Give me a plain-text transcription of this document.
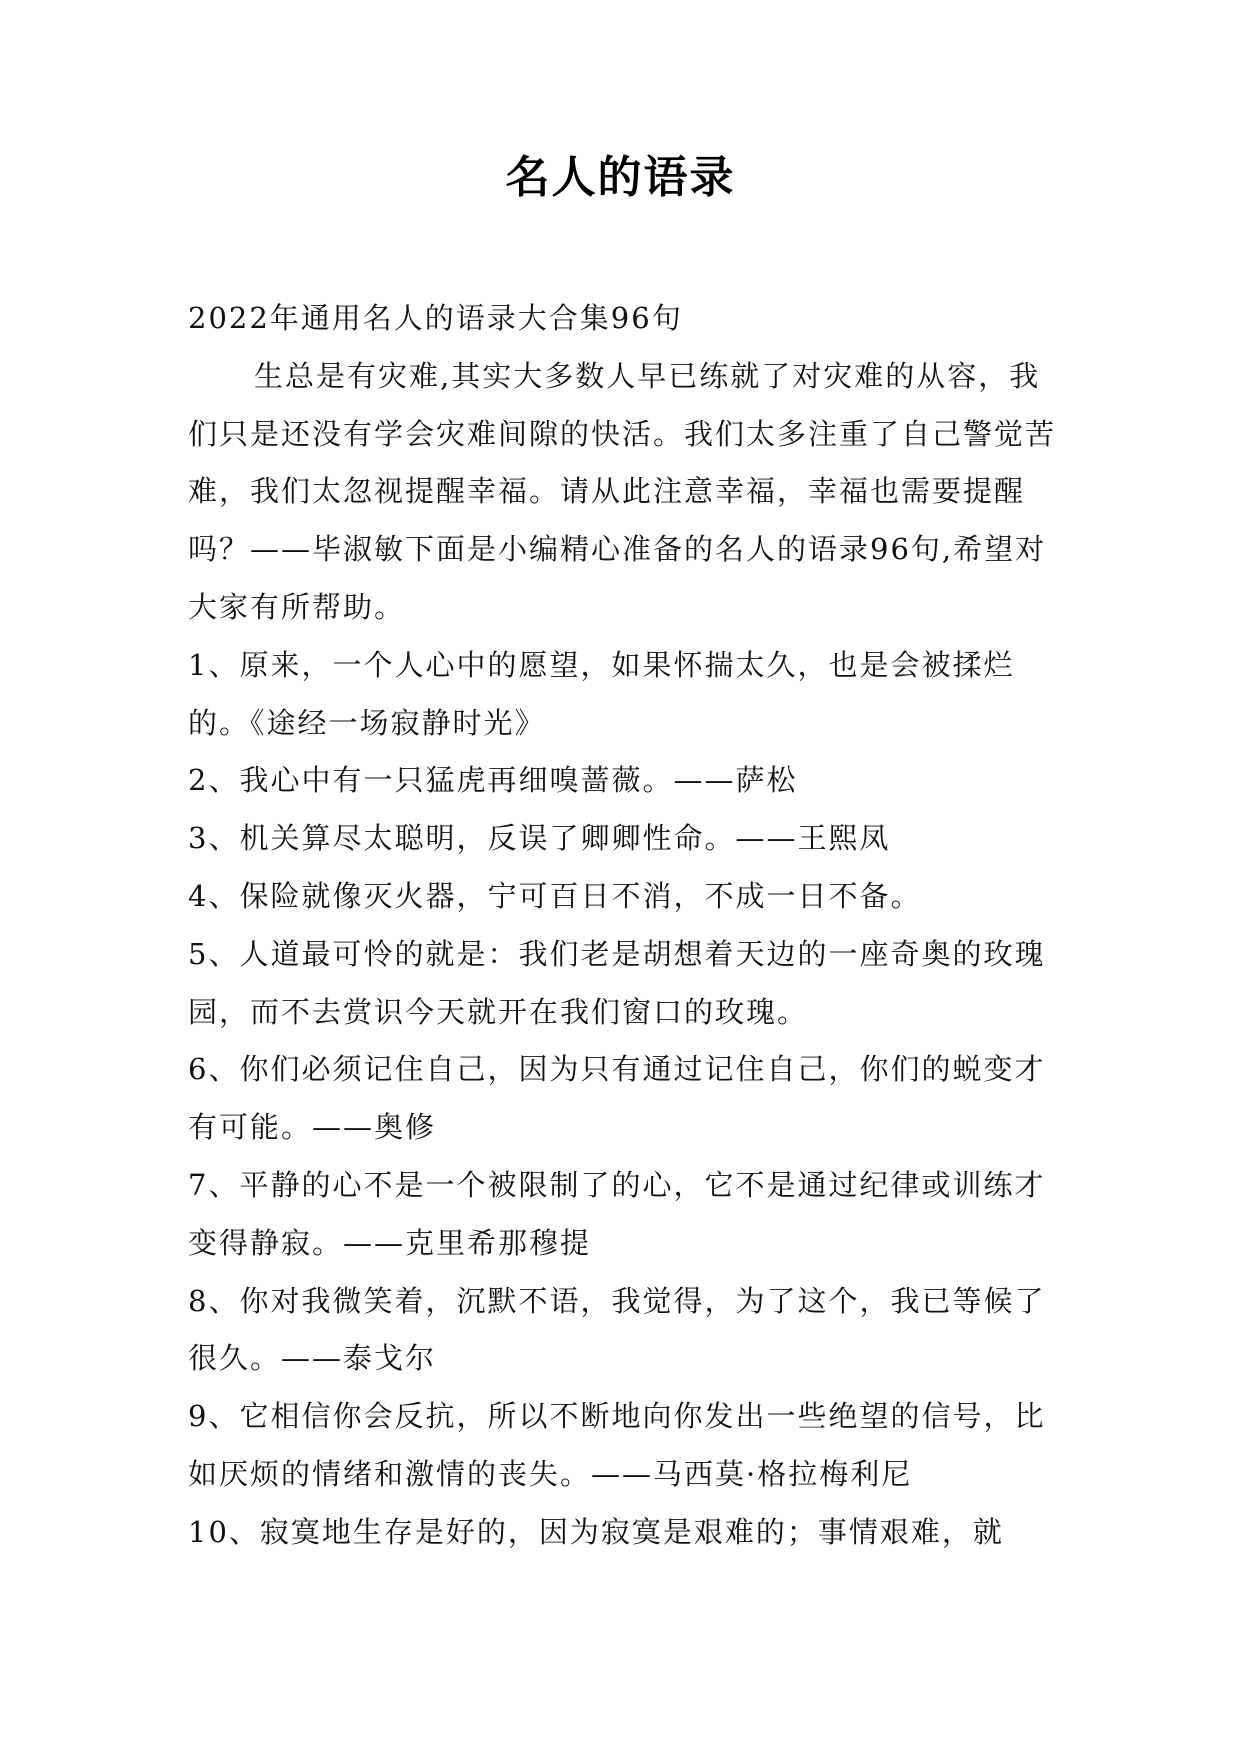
名人的语录

2022年通用名人的语录大合集96句

生总是有灾难,其实大多数人早已练就了对灾难的从容，我们只是还没有学会灾难间隙的快活。我们太多注重了自己警觉苦难，我们太忽视提醒幸福。请从此注意幸福，幸福也需要提醒吗？——毕淑敏下面是小编精心准备的名人的语录96句,希望对大家有所帮助。

1、原来，一个人心中的愿望，如果怀揣太久，也是会被揉烂的。《途经一场寂静时光》

2、我心中有一只猛虎再细嗅蔷薇。——萨松

3、机关算尽太聪明，反误了卿卿性命。——王熙凤

4、保险就像灭火器，宁可百日不消，不成一日不备。

5、人道最可怜的就是：我们老是胡想着天边的一座奇奥的玫瑰园，而不去赏识今天就开在我们窗口的玫瑰。

6、你们必须记住自己，因为只有通过记住自己，你们的蜕变才有可能。——奥修

7、平静的心不是一个被限制了的心，它不是通过纪律或训练才变得静寂。——克里希那穆提

8、你对我微笑着，沉默不语，我觉得，为了这个，我已等候了很久。——泰戈尔

9、它相信你会反抗，所以不断地向你发出一些绝望的信号，比如厌烦的情绪和激情的丧失。——马西莫·格拉梅利尼

10、寂寞地生存是好的，因为寂寞是艰难的；事情艰难，就
